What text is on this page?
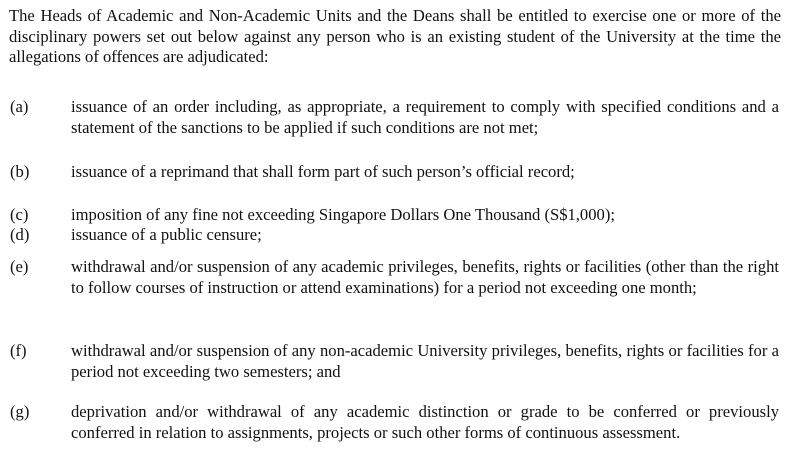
The Heads of Academic and Non-Academic Units and the Deans shall be entitled to exercise one or more of the disciplinary powers set out below against any person who is an existing student of the University at the time the allegations of offences are adjudicated:
(a)	issuance of an order including, as appropriate, a requirement to comply with specified conditions and a statement of the sanctions to be applied if such conditions are not met;
(b)	issuance of a reprimand that shall form part of such person’s official record;
(c)	imposition of any fine not exceeding Singapore Dollars One Thousand (S$1,000);
(d)	issuance of a public censure;
(e)	withdrawal and/or suspension of any academic privileges, benefits, rights or facilities (other than the right to follow courses of instruction or attend examinations) for a period not exceeding one month;
(f)	withdrawal and/or suspension of any non-academic University privileges, benefits, rights or facilities for a period not exceeding two semesters; and
(g)	deprivation and/or withdrawal of any academic distinction or grade to be conferred or previously conferred in relation to assignments, projects or such other forms of continuous assessment.
